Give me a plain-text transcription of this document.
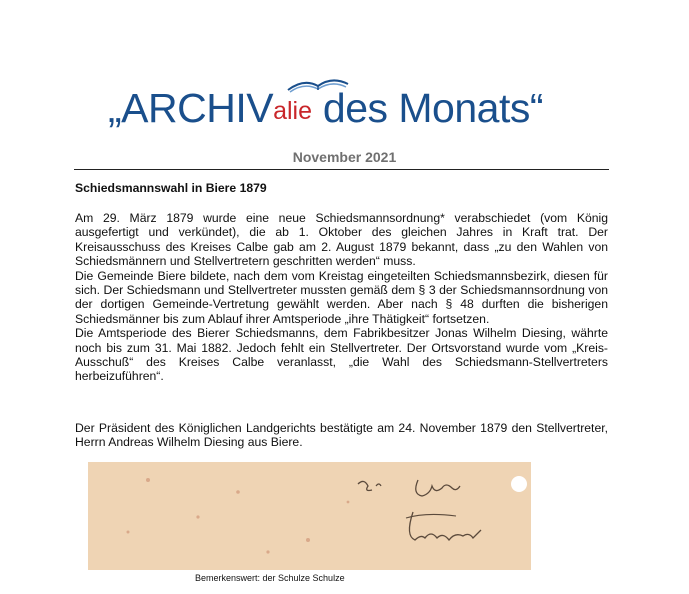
„ARCHIValie des Monats“
November 2021
Schiedsmannswahl in Biere 1879

Am 29. März 1879 wurde eine neue Schiedsmannsordnung* verabschiedet (vom König ausgefertigt und verkündet), die ab 1. Oktober des gleichen Jahres in Kraft trat. Der Kreisausschuss des Kreises Calbe gab am 2. August 1879 bekannt, dass „zu den Wahlen von Schiedsmännern und Stellvertretern geschritten werden“ muss.

Die Gemeinde Biere bildete, nach dem vom Kreistag eingeteilten Schiedsmannsbezirk, diesen für sich. Der Schiedsmann und Stellvertreter mussten gemäß dem § 3 der Schiedsmannsordnung von der dortigen Gemeinde-Vertretung gewählt werden. Aber nach § 48 durften die bisherigen Schiedsmänner bis zum Ablauf ihrer Amtsperiode „ihre Thätigkeit“ fortsetzen.

Die Amtsperiode des Bierer Schiedsmanns, dem Fabrikbesitzer Jonas Wilhelm Diesing, währte noch bis zum 31. Mai 1882. Jedoch fehlt ein Stellvertreter. Der Ortsvorstand wurde vom „Kreis-Ausschuß“ des Kreises Calbe veranlasst, „die Wahl des Schiedsmann-Stellvertreters herbeizuführen“.

Der Präsident des Königlichen Landgerichts bestätigte am 24. November 1879 den Stellvertreter, Herrn Andreas Wilhelm Diesing aus Biere.

Bemerkenswert: der Schulze Schulze
